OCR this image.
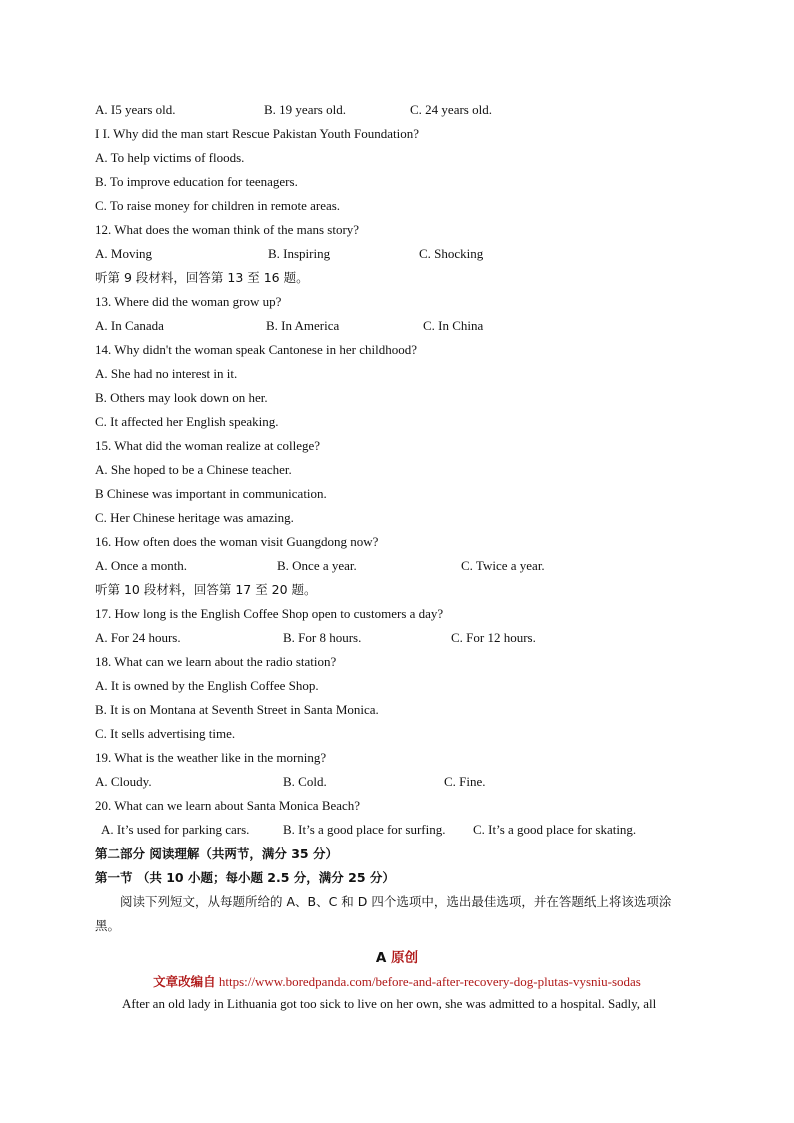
A. I5 years old.	B. 19 years old.	C. 24 years old.
I I. Why did the man start Rescue Pakistan Youth Foundation?
A. To help victims of floods.
B. To improve education for teenagers.
C. To raise money for children in remote areas.
12. What does the woman think of the mans story?
A. Moving	B. Inspiring	C. Shocking
听第 9 段材料，回答第 13 至 16 题。
13. Where did the woman grow up?
A. In Canada	B. In America	C. In China
14. Why didn't the woman speak Cantonese in her childhood?
A. She had no interest in it.
B. Others may look down on her.
C. It affected her English speaking.
15. What did the woman realize at college?
A. She hoped to be a Chinese teacher.
B Chinese was important in communication.
C. Her Chinese heritage was amazing.
16. How often does the woman visit Guangdong now?
A. Once a month.	B. Once a year.	C. Twice a year.
听第 10 段材料，回答第 17 至 20 题。
17. How long is the English Coffee Shop open to customers a day?
A. For 24 hours.	B. For 8 hours.	C. For 12 hours.
18. What can we learn about the radio station?
A. It is owned by the English Coffee Shop.
B. It is on Montana at Seventh Street in Santa Monica.
C. It sells advertising time.
19. What is the weather like in the morning?
A. Cloudy.	B. Cold.	C. Fine.
20. What can we learn about Santa Monica Beach?
A. It’s used for parking cars.	B. It’s a good place for surfing. C. It’s a good place for skating.
第二部分 阅读理解（共两节，满分 35 分）
第一节 （共 10 小题；每小题 2.5 分，满分 25 分）
阅读下列短文，从每题所给的 A、B、C 和 D 四个选项中，选出最佳选项，并在答题纸上将该选项涂黑。
A 原创
文章改编自 https://www.boredpanda.com/before-and-after-recovery-dog-plutas-vysniu-sodas
After an old lady in Lithuania got too sick to live on her own, she was admitted to a hospital. Sadly, all
